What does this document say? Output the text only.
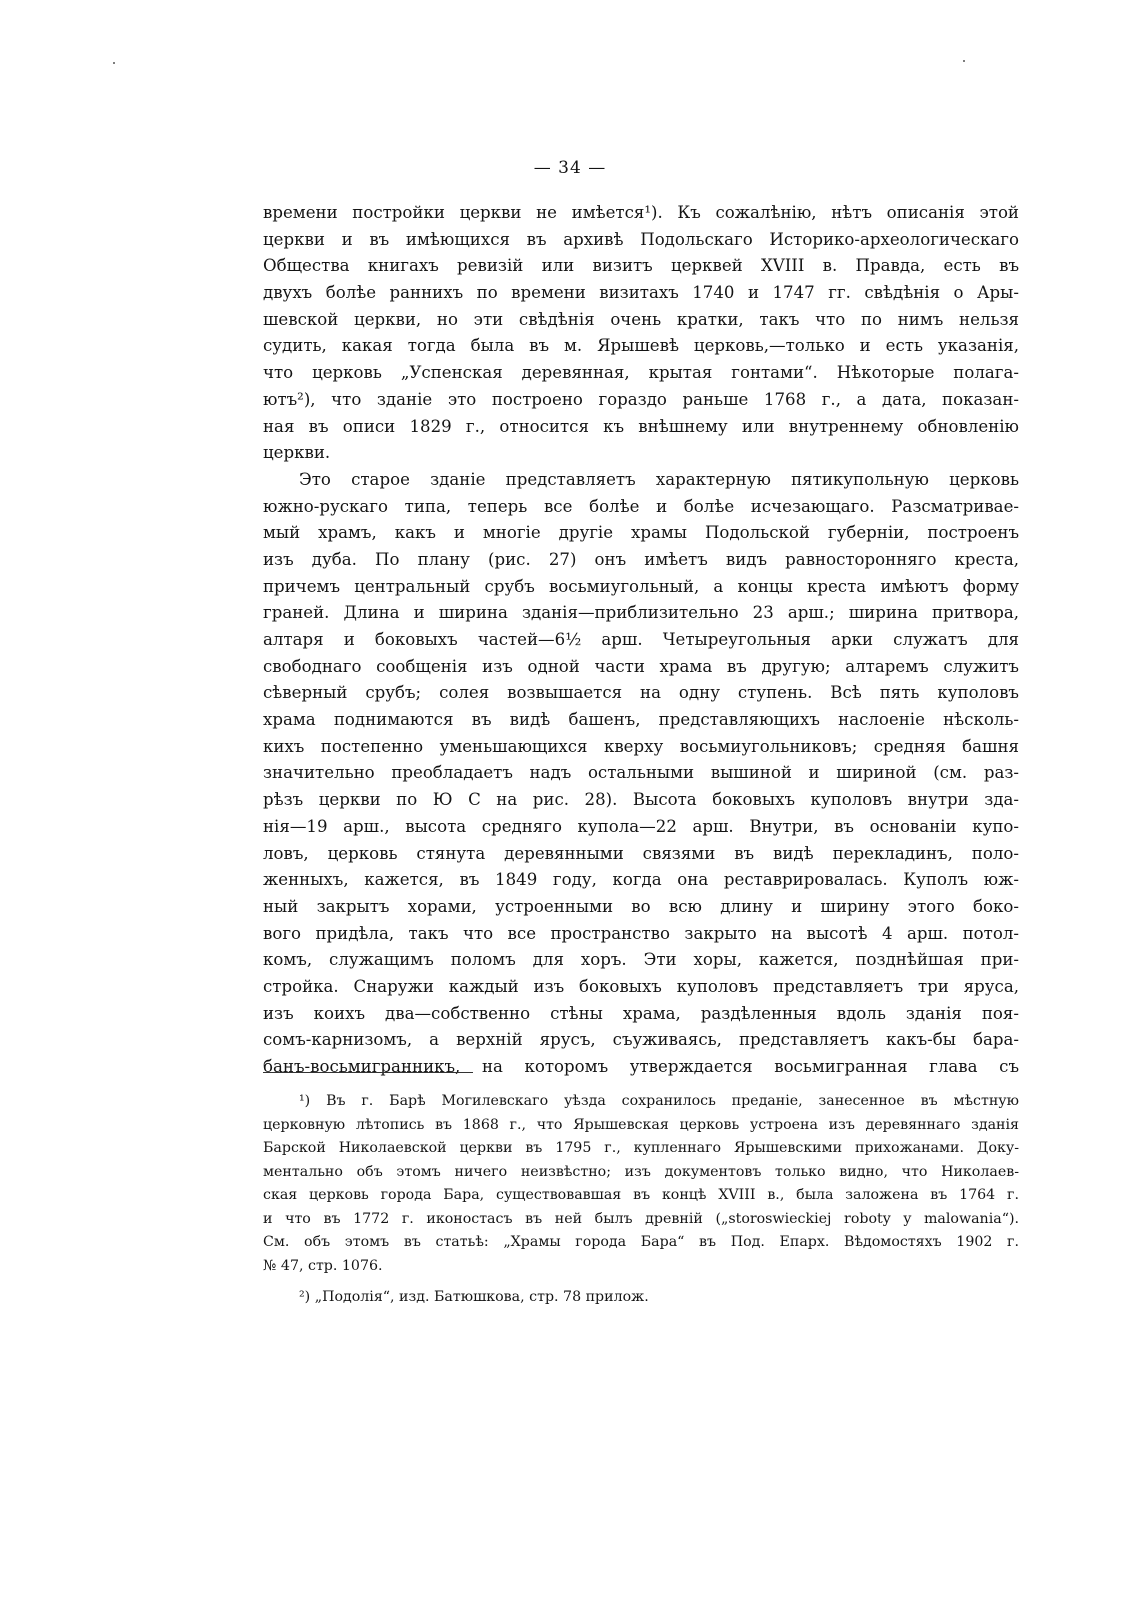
— 34 —
времени постройки церкви не имѣется¹). Къ сожалѣнію, нѣтъ описанія этой
церкви и въ имѣющихся въ архивѣ Подольскаго Историко-археологическаго
Общества книгахъ ревизій или визитъ церквей XVIII в. Правда, есть въ
двухъ болѣе раннихъ по времени визитахъ 1740 и 1747 гг. свѣдѣнія о Ары-
шевской церкви, но эти свѣдѣнія очень кратки, такъ что по нимъ нельзя
судить, какая тогда была въ м. Ярышевѣ церковь,—только и есть указанія,
что церковь „Успенская деревянная, крытая гонтами“. Нѣкоторые полага-
ютъ²), что зданіе это построено гораздо раньше 1768 г., а дата, показан-
ная въ описи 1829 г., относится къ внѣшнему или внутреннему обновленію
церкви.
Это старое зданіе представляетъ характерную пятикупольную церковь
южно-рускаго типа, теперь все болѣе и болѣе исчезающаго. Разсматривае-
мый храмъ, какъ и многіе другіе храмы Подольской губерніи, построенъ
изъ дуба. По плану (рис. 27) онъ имѣетъ видъ равносторонняго креста,
причемъ центральный срубъ восьмиугольный, а концы креста имѣютъ форму
граней. Длина и ширина зданія—приблизительно 23 арш.; ширина притвора,
алтаря и боковыхъ частей—6½ арш. Четыреугольныя арки служатъ для
свободнаго сообщенія изъ одной части храма въ другую; алтаремъ служитъ
сѣверный срубъ; солея возвышается на одну ступень. Всѣ пять куполовъ
храма поднимаются въ видѣ башенъ, представляющихъ наслоеніе нѣсколь-
кихъ постепенно уменьшающихся кверху восьмиугольниковъ; средняя башня
значительно преобладаетъ надъ остальными вышиной и шириной (см. раз-
рѣзъ церкви по Ю С на рис. 28). Высота боковыхъ куполовъ внутри зда-
нія—19 арш., высота средняго купола—22 арш. Внутри, въ основаніи купо-
ловъ, церковь стянута деревянными связями въ видѣ перекладинъ, поло-
женныхъ, кажется, въ 1849 году, когда она реставрировалась. Куполъ юж-
ный закрытъ хорами, устроенными во всю длину и ширину этого боко-
вого придѣла, такъ что все пространство закрыто на высотѣ 4 арш. потол-
комъ, служащимъ поломъ для хоръ. Эти хоры, кажется, позднѣйшая при-
стройка. Снаружи каждый изъ боковыхъ куполовъ представляетъ три яруса,
изъ коихъ два—собственно стѣны храма, раздѣленныя вдоль зданія поя-
сомъ-карнизомъ, а верхній ярусъ, съуживаясь, представляетъ какъ-бы бара-
банъ-восьмигранникъ, на которомъ утверждается восьмигранная глава съ
¹) Въ г. Барѣ Могилевскаго уѣзда сохранилось преданіе, занесенное въ мѣстную
церковную лѣтопись въ 1868 г., что Ярышевская церковь устроена изъ деревяннаго зданія
Барской Николаевской церкви въ 1795 г., купленнаго Ярышевскими прихожанами. Доку-
ментально объ этомъ ничего неизвѣстно; изъ документовъ только видно, что Николаев-
ская церковь города Бара, существовавшая въ концѣ XVIII в., была заложена въ 1764 г.
и что въ 1772 г. иконостасъ въ ней былъ древній („storoswieckiej roboty y malowania“).
См. объ этомъ въ статьѣ: „Храмы города Бара“ въ Под. Епарх. Вѣдомостяхъ 1902 г.
№ 47, стр. 1076.
²) „Подолія“, изд. Батюшкова, стр. 78 прилож.
